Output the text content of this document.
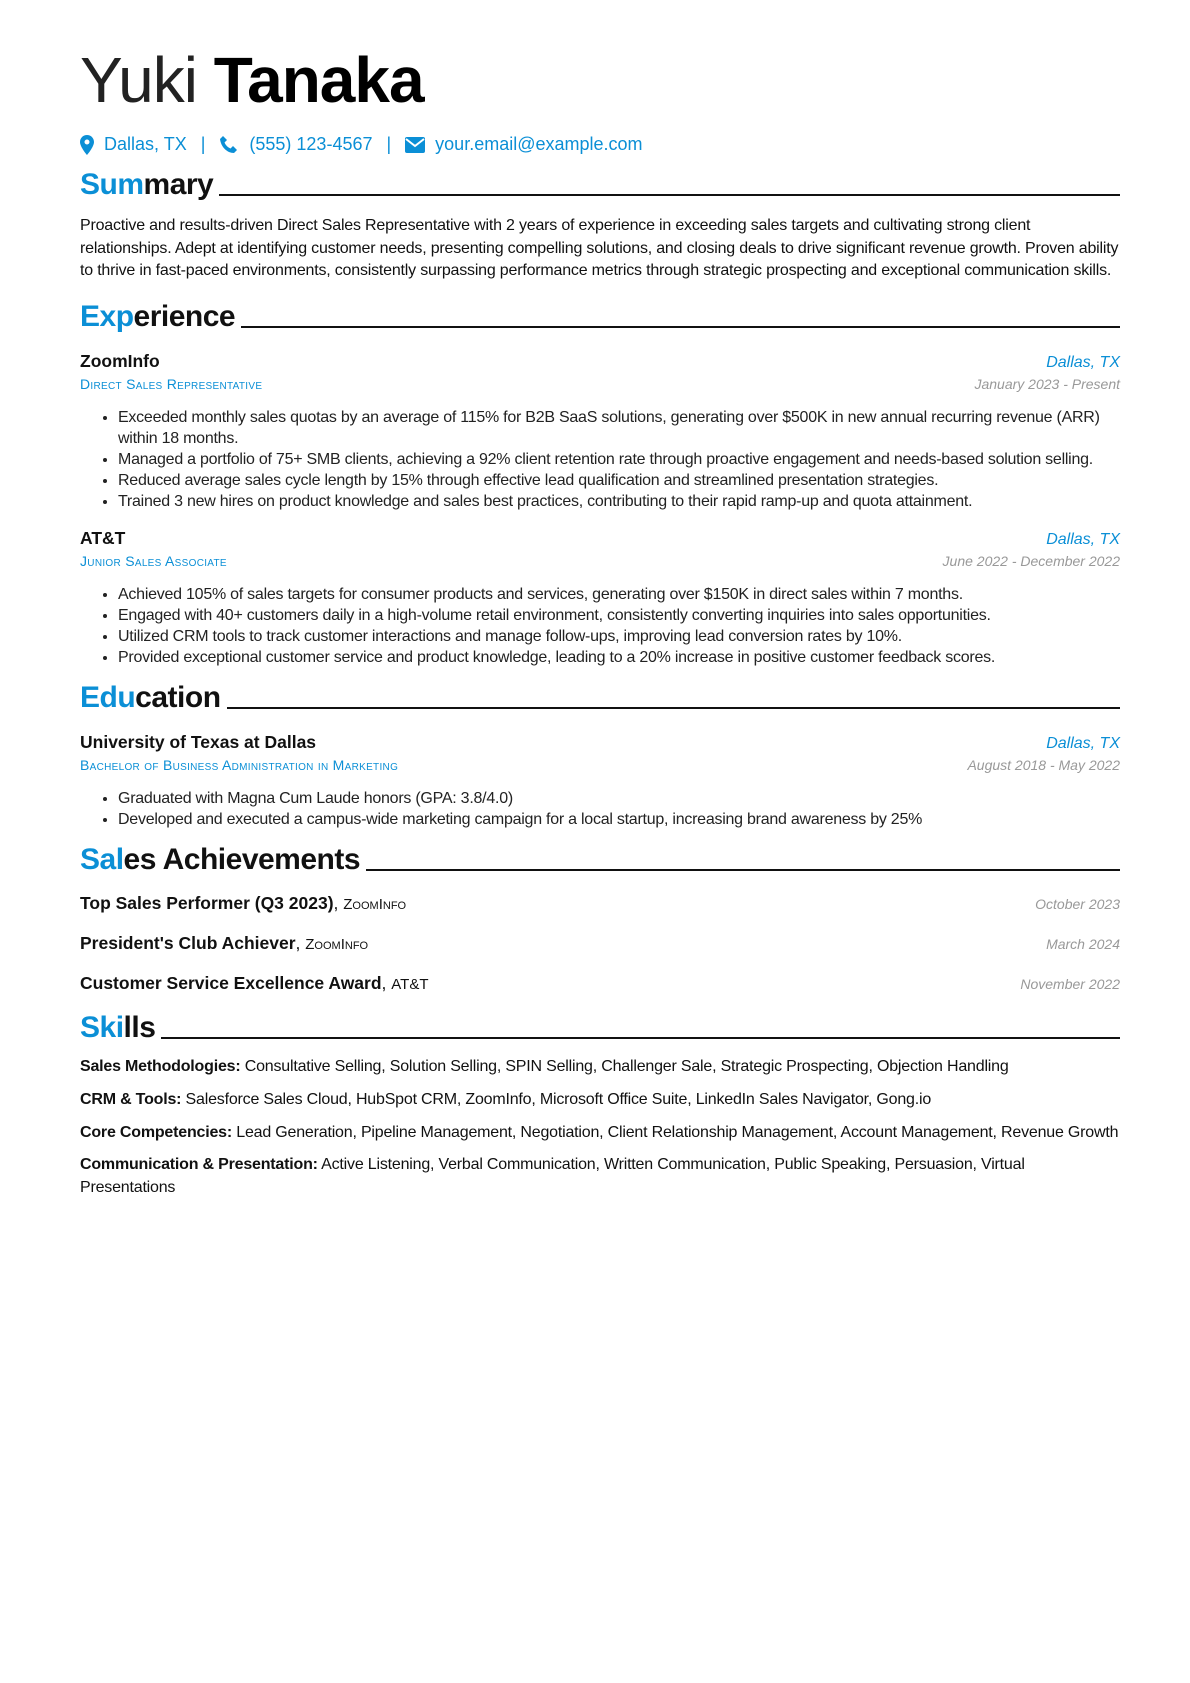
Yuki Tanaka
Dallas, TX | (555) 123-4567 | your.email@example.com
Summary
Proactive and results-driven Direct Sales Representative with 2 years of experience in exceeding sales targets and cultivating strong client relationships. Adept at identifying customer needs, presenting compelling solutions, and closing deals to drive significant revenue growth. Proven ability to thrive in fast-paced environments, consistently surpassing performance metrics through strategic prospecting and exceptional communication skills.
Experience
ZoomInfo	Dallas, TX
Direct Sales Representative	January 2023 - Present
• Exceeded monthly sales quotas by an average of 115% for B2B SaaS solutions, generating over $500K in new annual recurring revenue (ARR) within 18 months.
• Managed a portfolio of 75+ SMB clients, achieving a 92% client retention rate through proactive engagement and needs-based solution selling.
• Reduced average sales cycle length by 15% through effective lead qualification and streamlined presentation strategies.
• Trained 3 new hires on product knowledge and sales best practices, contributing to their rapid ramp-up and quota attainment.
AT&T	Dallas, TX
Junior Sales Associate	June 2022 - December 2022
• Achieved 105% of sales targets for consumer products and services, generating over $150K in direct sales within 7 months.
• Engaged with 40+ customers daily in a high-volume retail environment, consistently converting inquiries into sales opportunities.
• Utilized CRM tools to track customer interactions and manage follow-ups, improving lead conversion rates by 10%.
• Provided exceptional customer service and product knowledge, leading to a 20% increase in positive customer feedback scores.
Education
University of Texas at Dallas	Dallas, TX
Bachelor of Business Administration in Marketing	August 2018 - May 2022
• Graduated with Magna Cum Laude honors (GPA: 3.8/4.0)
• Developed and executed a campus-wide marketing campaign for a local startup, increasing brand awareness by 25%
Sales Achievements
Top Sales Performer (Q3 2023), ZoomInfo	October 2023
President's Club Achiever, ZoomInfo	March 2024
Customer Service Excellence Award, AT&T	November 2022
Skills
Sales Methodologies: Consultative Selling, Solution Selling, SPIN Selling, Challenger Sale, Strategic Prospecting, Objection Handling
CRM & Tools: Salesforce Sales Cloud, HubSpot CRM, ZoomInfo, Microsoft Office Suite, LinkedIn Sales Navigator, Gong.io
Core Competencies: Lead Generation, Pipeline Management, Negotiation, Client Relationship Management, Account Management, Revenue Growth
Communication & Presentation: Active Listening, Verbal Communication, Written Communication, Public Speaking, Persuasion, Virtual Presentations
